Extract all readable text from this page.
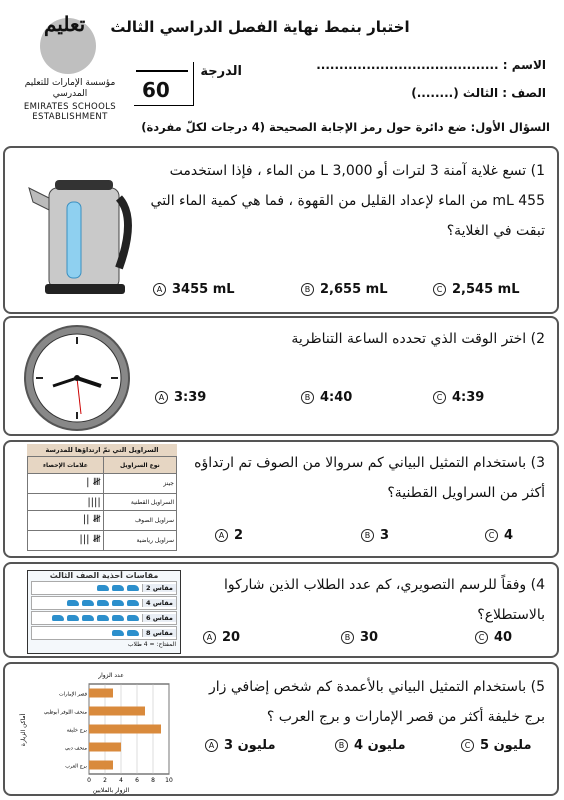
تعليم
مؤسسة الإمارات للتعليم المدرسي
EMIRATES SCHOOLS ESTABLISHMENT
اختبار بنمط نهاية الفصل الدراسي الثالث
الدرجة
60
الاسم : ........................................
الصف : الثالث (........)
السؤال الأول: ضع دائرة حول رمز الإجابة الصحيحة (4 درجات لكلّ مفردة)
1) تسع غلاية آمنة 3 لترات أو 3,000 L من الماء ، فإذا استخدمت 455 mL من الماء لإعداد القليل من القهوة ، فما هي كمية الماء التي تبقت في الغلاية؟
A 3455 mL	B 2,655 mL	C 2,545 mL
2) اختر الوقت الذي تحدده الساعة التناظرية
A 3:39	B 4:40	C 4:39
السراويل التي تمّ ارتداؤها للمدرسة
نوع السراويل	علامات الإحصاء
جينز	𝍸 |
السراويل القطنية	||||
سراويل الصوف	𝍸 ||
سراويل رياضية	𝍸 |||
3) باستخدام التمثيل البياني كم سروالا من الصوف تم ارتداؤه أكثر من السراويل القطنية؟
A 2	B 3	C 4
مقاسات أحذية الصف الثالث
مقاس 2
مقاس 4
مقاس 6
مقاس 8
المفتاح: = 4 طلاب
4) وفقاً للرسم التصويري، كم عدد الطلاب الذين شاركوا بالاستطلاع؟
A 20	B 30	C 40
عدد الزوار
الزوار بالملايين
أماكن الزيارة
0 2 4 6 8 10
قصر الإمارات
متحف اللوفر أبوظبي
برج خليفة
متحف دبي
برج العرب
5) باستخدام التمثيل البياني بالأعمدة كم شخص إضافي زار برج خليفة أكثر من قصر الإمارات و برج العرب ؟
A 3 مليون	B 4 مليون	C 5 مليون
